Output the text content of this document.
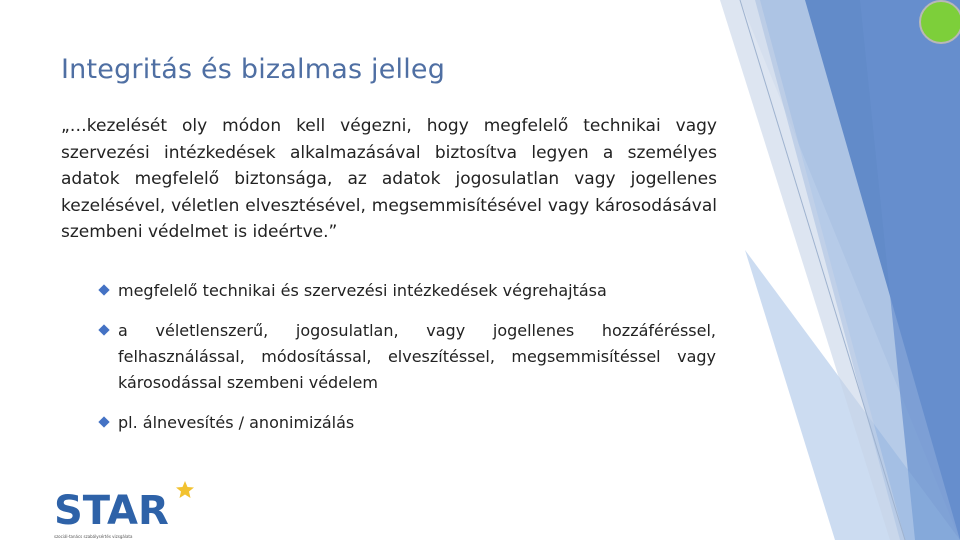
Integritás és bizalmas jelleg
„…kezelését oly módon kell végezni, hogy megfelelő technikai vagy szervezési intézkedések alkalmazásával biztosítva legyen a személyes adatok megfelelő biztonsága, az adatok jogosulatlan vagy jogellenes kezelésével, véletlen elvesztésével, megsemmisítésével vagy károsodásával szembeni védelmet is ideértve.”
megfelelő technikai és szervezési intézkedések végrehajtása
a véletlenszerű, jogosulatlan, vagy jogellenes hozzáféréssel, felhasználással, módosítással, elveszítéssel, megsemmisítéssel vagy károsodással szembeni védelem
pl. álnevesítés / anonimizálás
STAR
szociál-tanács szabálysértés vizsgálata
